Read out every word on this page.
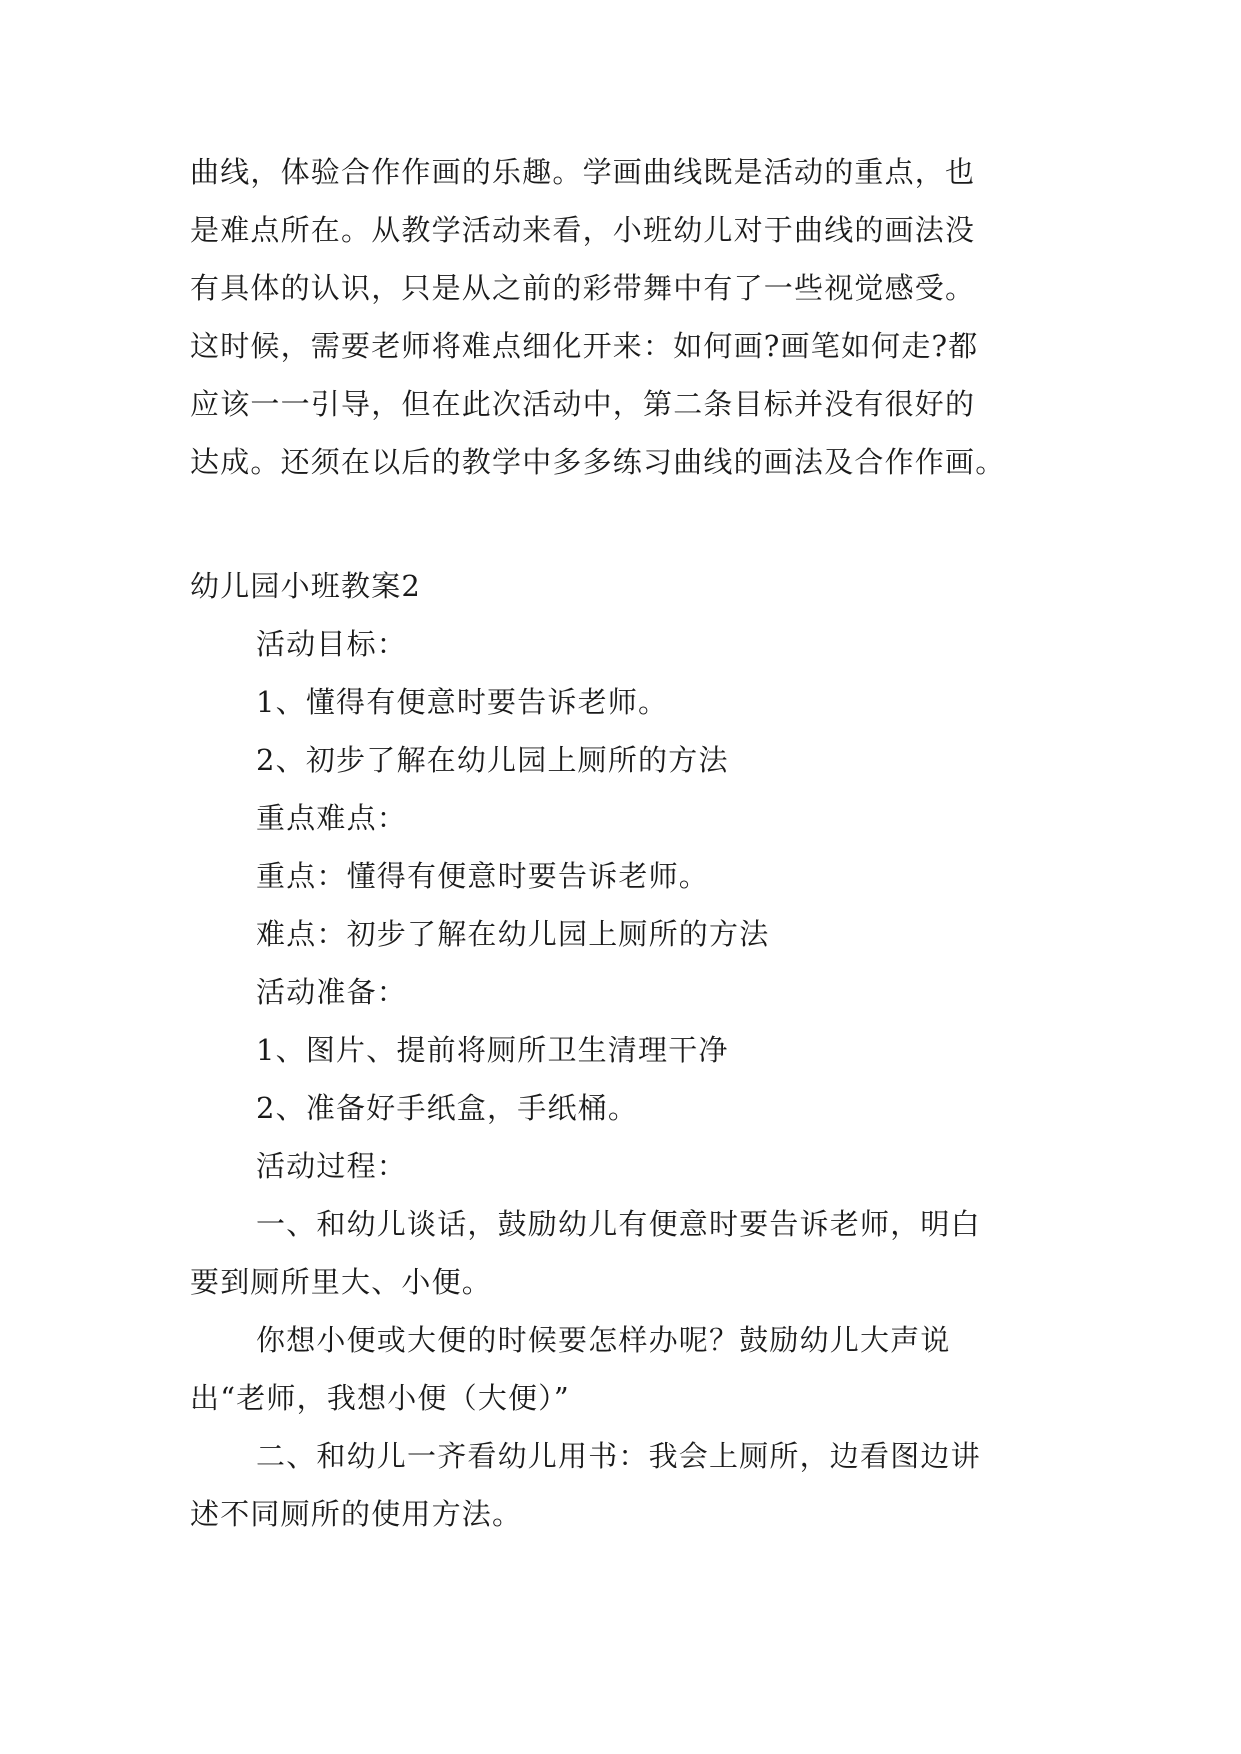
曲线，体验合作作画的乐趣。学画曲线既是活动的重点，也

是难点所在。从教学活动来看，小班幼儿对于曲线的画法没

有具体的认识，只是从之前的彩带舞中有了一些视觉感受。

这时候，需要老师将难点细化开来：如何画?画笔如何走?都

应该一一引导，但在此次活动中，第二条目标并没有很好的

达成。还须在以后的教学中多多练习曲线的画法及合作作画。

幼儿园小班教案2

活动目标：

1、懂得有便意时要告诉老师。

2、初步了解在幼儿园上厕所的方法

重点难点：

重点：懂得有便意时要告诉老师。

难点：初步了解在幼儿园上厕所的方法

活动准备：

1、图片、提前将厕所卫生清理干净

2、准备好手纸盒，手纸桶。

活动过程：

一、和幼儿谈话，鼓励幼儿有便意时要告诉老师，明白

要到厕所里大、小便。

你想小便或大便的时候要怎样办呢？鼓励幼儿大声说

出“老师，我想小便（大便）”

二、和幼儿一齐看幼儿用书：我会上厕所，边看图边讲

述不同厕所的使用方法。
